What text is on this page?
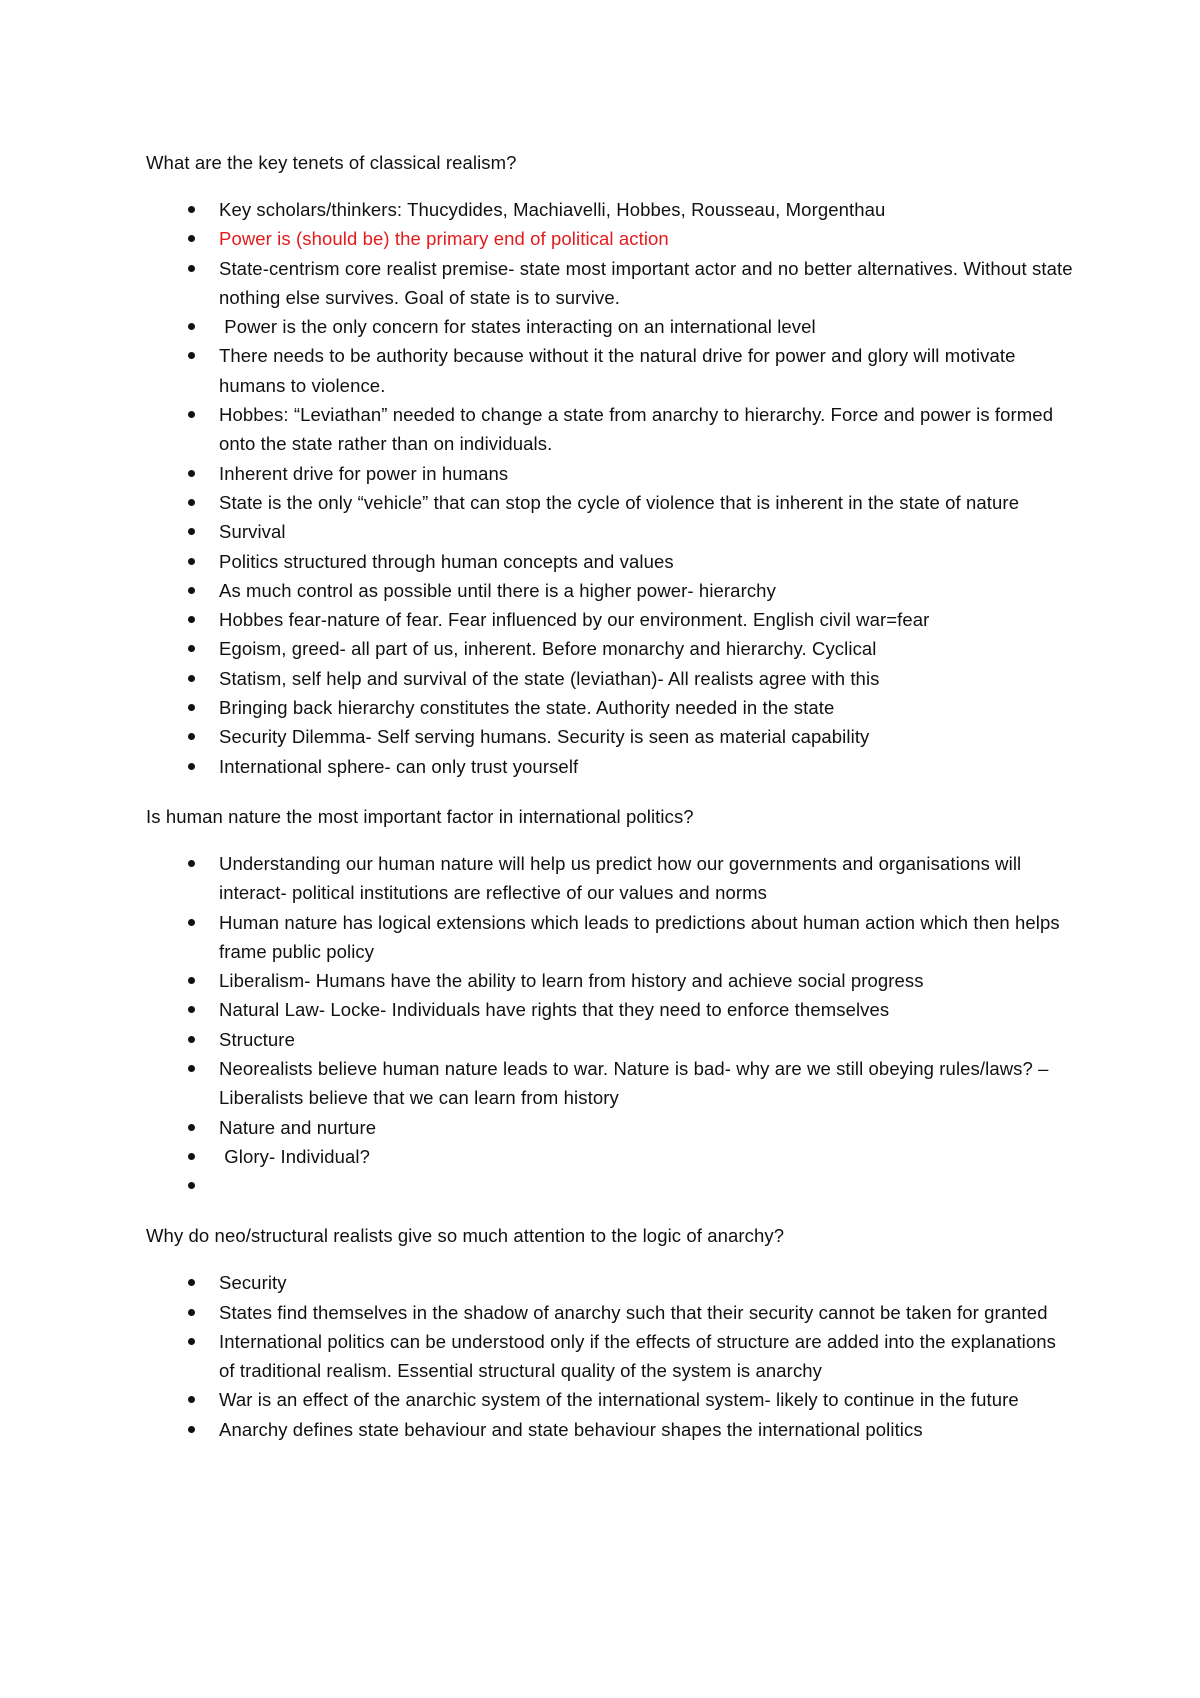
What are the key tenets of classical realism?

Key scholars/thinkers: Thucydides, Machiavelli, Hobbes, Rousseau, Morgenthau
Power is (should be) the primary end of political action
State-centrism core realist premise- state most important actor and no better alternatives. Without state nothing else survives. Goal of state is to survive.
Power is the only concern for states interacting on an international level
There needs to be authority because without it the natural drive for power and glory will motivate humans to violence.
Hobbes: “Leviathan” needed to change a state from anarchy to hierarchy. Force and power is formed onto the state rather than on individuals.
Inherent drive for power in humans
State is the only “vehicle” that can stop the cycle of violence that is inherent in the state of nature
Survival
Politics structured through human concepts and values
As much control as possible until there is a higher power- hierarchy
Hobbes fear-nature of fear. Fear influenced by our environment. English civil war=fear
Egoism, greed- all part of us, inherent. Before monarchy and hierarchy. Cyclical
Statism, self help and survival of the state (leviathan)- All realists agree with this
Bringing back hierarchy constitutes the state. Authority needed in the state
Security Dilemma- Self serving humans. Security is seen as material capability
International sphere- can only trust yourself

Is human nature the most important factor in international politics?

Understanding our human nature will help us predict how our governments and organisations will interact- political institutions are reflective of our values and norms
Human nature has logical extensions which leads to predictions about human action which then helps frame public policy
Liberalism- Humans have the ability to learn from history and achieve social progress
Natural Law- Locke- Individuals have rights that they need to enforce themselves
Structure
Neorealists believe human nature leads to war. Nature is bad- why are we still obeying rules/laws? – Liberalists believe that we can learn from history
Nature and nurture
Glory- Individual?

Why do neo/structural realists give so much attention to the logic of anarchy?

Security
States find themselves in the shadow of anarchy such that their security cannot be taken for granted
International politics can be understood only if the effects of structure are added into the explanations of traditional realism. Essential structural quality of the system is anarchy
War is an effect of the anarchic system of the international system- likely to continue in the future
Anarchy defines state behaviour and state behaviour shapes the international politics
